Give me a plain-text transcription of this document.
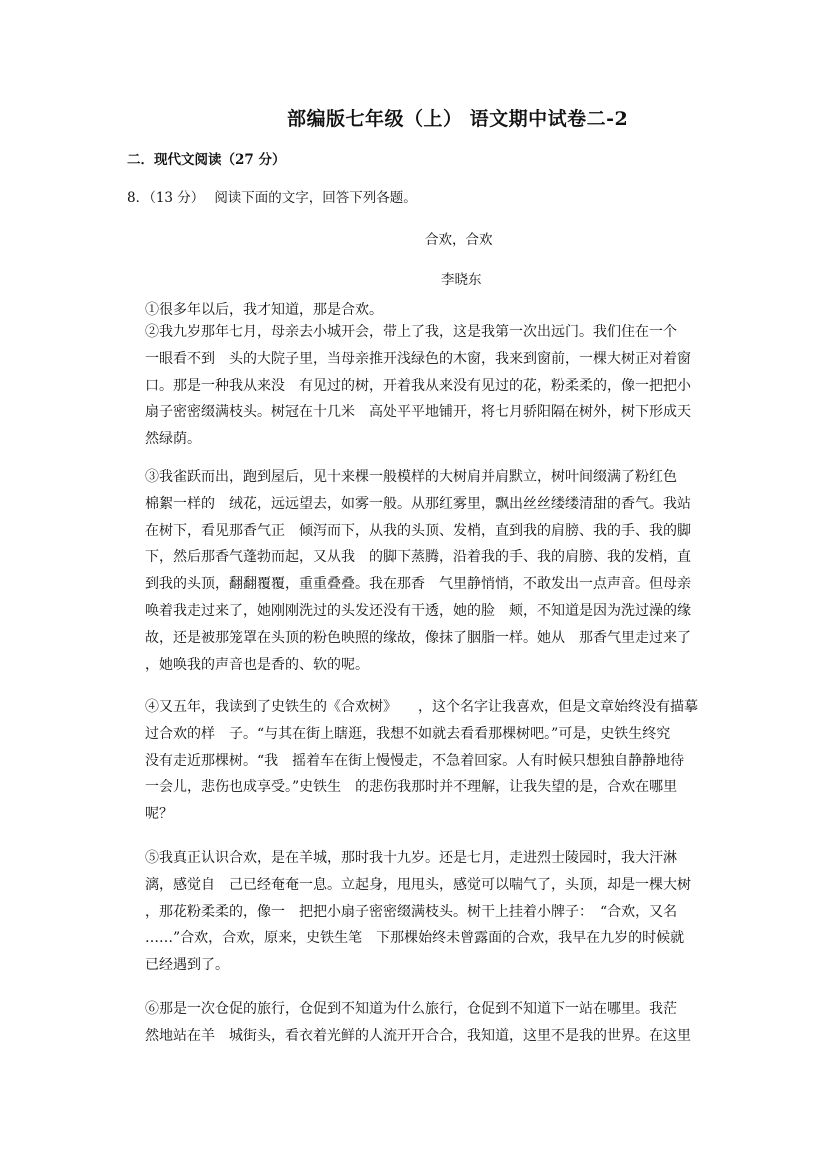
部编版七年级（上） 语文期中试卷二-2
二．现代文阅读（27 分）
8．（13 分） 阅读下面的文字，回答下列各题。
合欢，合欢
李晓东
①很多年以后，我才知道，那是合欢。
②我九岁那年七月，母亲去小城开会，带上了我，这是我第一次出远门。我们住在一个
一眼看不到　头的大院子里，当母亲推开浅绿色的木窗，我来到窗前，一棵大树正对着窗
口。那是一种我从来没　有见过的树，开着我从来没有见过的花，粉柔柔的，像一把把小
扇子密密缀满枝头。树冠在十几米　高处平平地铺开，将七月骄阳隔在树外，树下形成天
然绿荫。
③我雀跃而出，跑到屋后，见十来棵一般模样的大树肩并肩默立，树叶间缀满了粉红色
棉絮一样的　绒花，远远望去，如雾一般。从那红雾里，飘出丝丝缕缕清甜的香气。我站
在树下，看见那香气正　倾泻而下，从我的头顶、发梢，直到我的肩膀、我的手、我的脚
下，然后那香气蓬勃而起，又从我　的脚下蒸腾，沿着我的手、我的肩膀、我的发梢，直
到我的头顶，翻翻覆覆，重重叠叠。我在那香　气里静悄悄，不敢发出一点声音。但母亲
唤着我走过来了，她刚刚洗过的头发还没有干透，她的脸　颊，不知道是因为洗过澡的缘
故，还是被那笼罩在头顶的粉色映照的缘故，像抹了胭脂一样。她从　那香气里走过来了
，她唤我的声音也是香的、软的呢。
④又五年，我读到了史铁生的《合欢树》　　，这个名字让我喜欢，但是文章始终没有描摹
过合欢的样　子。“与其在街上瞎逛，我想不如就去看看那棵树吧。”可是，史铁生终究
没有走近那棵树。“我　摇着车在街上慢慢走，不急着回家。人有时候只想独自静静地待
一会儿，悲伤也成享受。”史铁生　的悲伤我那时并不理解，让我失望的是，合欢在哪里
呢？
⑤我真正认识合欢，是在羊城，那时我十九岁。还是七月，走进烈士陵园时，我大汗淋
漓，感觉自　己已经奄奄一息。立起身，甩甩头，感觉可以喘气了，头顶，却是一棵大树
，那花粉柔柔的，像一　把把小扇子密密缀满枝头。树干上挂着小牌子：　“合欢，又名
……”合欢，合欢，原来，史铁生笔　下那棵始终未曾露面的合欢，我早在九岁的时候就
已经遇到了。
⑥那是一次仓促的旅行，仓促到不知道为什么旅行，仓促到不知道下一站在哪里。我茫
然地站在羊　城街头，看衣着光鲜的人流开开合合，我知道，这里不是我的世界。在这里
